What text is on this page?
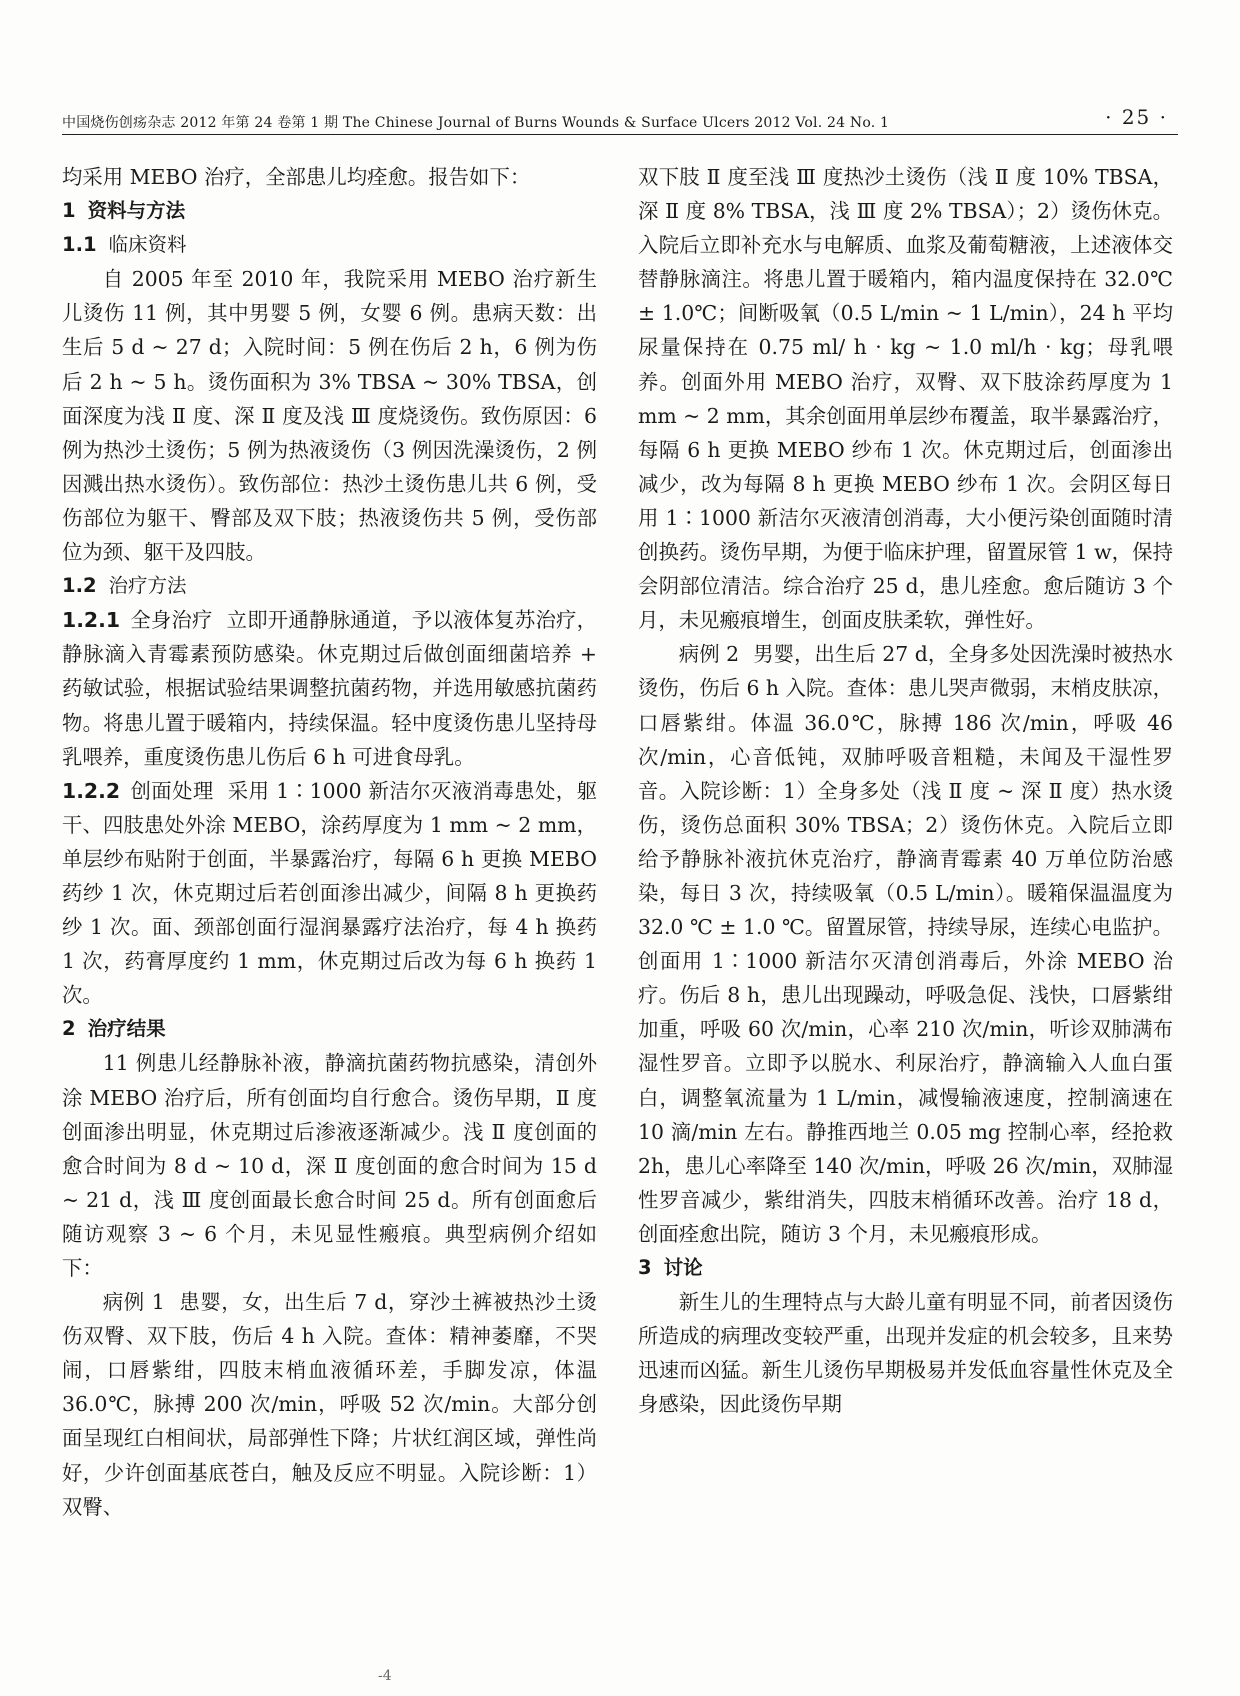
中国烧伤创疡杂志 2012 年第 24 卷第 1 期 The Chinese Journal of Burns Wounds & Surface Ulcers 2012 Vol. 24 No. 1	· 25 ·

均采用 MEBO 治疗，全部患儿均痊愈。报告如下：

1 资料与方法

1.1 临床资料

自 2005 年至 2010 年，我院采用 MEBO 治疗新生儿烫伤 11 例，其中男婴 5 例，女婴 6 例。患病天数：出生后 5 d ~ 27 d；入院时间：5 例在伤后 2 h，6 例为伤后 2 h ~ 5 h。烫伤面积为 3% TBSA ~ 30% TBSA，创面深度为浅 Ⅱ 度、深 Ⅱ 度及浅 Ⅲ 度烧烫伤。致伤原因：6 例为热沙土烫伤；5 例为热液烫伤（3 例因洗澡烫伤，2 例因溅出热水烫伤）。致伤部位：热沙土烫伤患儿共 6 例，受伤部位为躯干、臀部及双下肢；热液烫伤共 5 例，受伤部位为颈、躯干及四肢。

1.2 治疗方法

1.2.1 全身治疗 立即开通静脉通道，予以液体复苏治疗，静脉滴入青霉素预防感染。休克期过后做创面细菌培养 + 药敏试验，根据试验结果调整抗菌药物，并选用敏感抗菌药物。将患儿置于暖箱内，持续保温。轻中度烫伤患儿坚持母乳喂养，重度烫伤患儿伤后 6 h 可进食母乳。

1.2.2 创面处理 采用 1∶1000 新洁尔灭液消毒患处，躯干、四肢患处外涂 MEBO，涂药厚度为 1 mm ~ 2 mm，单层纱布贴附于创面，半暴露治疗，每隔 6 h 更换 MEBO 药纱 1 次，休克期过后若创面渗出减少，间隔 8 h 更换药纱 1 次。面、颈部创面行湿润暴露疗法治疗，每 4 h 换药 1 次，药膏厚度约 1 mm，休克期过后改为每 6 h 换药 1 次。

2 治疗结果

11 例患儿经静脉补液，静滴抗菌药物抗感染，清创外涂 MEBO 治疗后，所有创面均自行愈合。烫伤早期，Ⅱ 度创面渗出明显，休克期过后渗液逐渐减少。浅 Ⅱ 度创面的愈合时间为 8 d ~ 10 d，深 Ⅱ 度创面的愈合时间为 15 d ~ 21 d，浅 Ⅲ 度创面最长愈合时间 25 d。所有创面愈后随访观察 3 ~ 6 个月，未见显性瘢痕。典型病例介绍如下：

病例 1 患婴，女，出生后 7 d，穿沙土裤被热沙土烫伤双臀、双下肢，伤后 4 h 入院。查体：精神萎靡，不哭闹，口唇紫绀，四肢末梢血液循环差，手脚发凉，体温 36.0℃，脉搏 200 次/min，呼吸 52 次/min。大部分创面呈现红白相间状，局部弹性下降；片状红润区域，弹性尚好，少许创面基底苍白，触及反应不明显。入院诊断：1）双臀、

双下肢 Ⅱ 度至浅 Ⅲ 度热沙土烫伤（浅 Ⅱ 度 10% TBSA，深 Ⅱ 度 8% TBSA，浅 Ⅲ 度 2% TBSA）；2）烫伤休克。入院后立即补充水与电解质、血浆及葡萄糖液，上述液体交替静脉滴注。将患儿置于暖箱内，箱内温度保持在 32.0℃ ± 1.0℃；间断吸氧（0.5 L/min ~ 1 L/min），24 h 平均尿量保持在 0.75 ml/ h · kg ~ 1.0 ml/h · kg；母乳喂养。创面外用 MEBO 治疗，双臀、双下肢涂药厚度为 1 mm ~ 2 mm，其余创面用单层纱布覆盖，取半暴露治疗，每隔 6 h 更换 MEBO 纱布 1 次。休克期过后，创面渗出减少，改为每隔 8 h 更换 MEBO 纱布 1 次。会阴区每日用 1∶1000 新洁尔灭液清创消毒，大小便污染创面随时清创换药。烫伤早期，为便于临床护理，留置尿管 1 w，保持会阴部位清洁。综合治疗 25 d，患儿痊愈。愈后随访 3 个月，未见瘢痕增生，创面皮肤柔软，弹性好。

病例 2 男婴，出生后 27 d，全身多处因洗澡时被热水烫伤，伤后 6 h 入院。查体：患儿哭声微弱，末梢皮肤凉，口唇紫绀。体温 36.0℃，脉搏 186 次/min，呼吸 46 次/min，心音低钝，双肺呼吸音粗糙，未闻及干湿性罗音。入院诊断：1）全身多处（浅 Ⅱ 度 ~ 深 Ⅱ 度）热水烫伤，烫伤总面积 30% TBSA；2）烫伤休克。入院后立即给予静脉补液抗休克治疗，静滴青霉素 40 万单位防治感染，每日 3 次，持续吸氧（0.5 L/min）。暖箱保温温度为 32.0 ℃ ± 1.0 ℃。留置尿管，持续导尿，连续心电监护。创面用 1∶1000 新洁尔灭清创消毒后，外涂 MEBO 治疗。伤后 8 h，患儿出现躁动，呼吸急促、浅快，口唇紫绀加重，呼吸 60 次/min，心率 210 次/min，听诊双肺满布湿性罗音。立即予以脱水、利尿治疗，静滴输入人血白蛋白，调整氧流量为 1 L/min，减慢输液速度，控制滴速在 10 滴/min 左右。静推西地兰 0.05 mg 控制心率，经抢救 2h，患儿心率降至 140 次/min，呼吸 26 次/min，双肺湿性罗音减少，紫绀消失，四肢末梢循环改善。治疗 18 d，创面痊愈出院，随访 3 个月，未见瘢痕形成。

3 讨论

新生儿的生理特点与大龄儿童有明显不同，前者因烫伤所造成的病理改变较严重，出现并发症的机会较多，且来势迅速而凶猛。新生儿烫伤早期极易并发低血容量性休克及全身感染，因此烫伤早期

-4
